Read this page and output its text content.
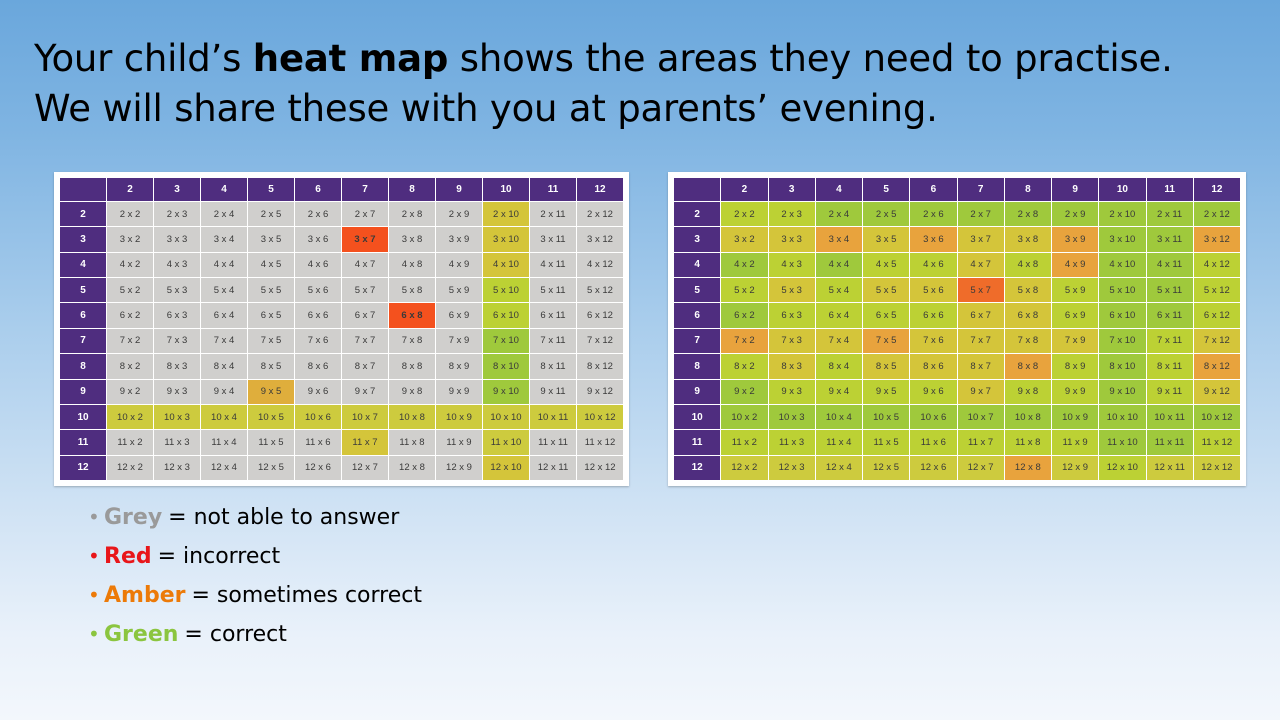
Your child’s heat map shows the areas they need to practise.
We will share these with you at parents’ evening.
	2	3	4	5	6	7	8	9	10	11	12
2	2 x 2	2 x 3	2 x 4	2 x 5	2 x 6	2 x 7	2 x 8	2 x 9	2 x 10	2 x 11	2 x 12
3	3 x 2	3 x 3	3 x 4	3 x 5	3 x 6	3 x 7	3 x 8	3 x 9	3 x 10	3 x 11	3 x 12
4	4 x 2	4 x 3	4 x 4	4 x 5	4 x 6	4 x 7	4 x 8	4 x 9	4 x 10	4 x 11	4 x 12
5	5 x 2	5 x 3	5 x 4	5 x 5	5 x 6	5 x 7	5 x 8	5 x 9	5 x 10	5 x 11	5 x 12
6	6 x 2	6 x 3	6 x 4	6 x 5	6 x 6	6 x 7	6 x 8	6 x 9	6 x 10	6 x 11	6 x 12
7	7 x 2	7 x 3	7 x 4	7 x 5	7 x 6	7 x 7	7 x 8	7 x 9	7 x 10	7 x 11	7 x 12
8	8 x 2	8 x 3	8 x 4	8 x 5	8 x 6	8 x 7	8 x 8	8 x 9	8 x 10	8 x 11	8 x 12
9	9 x 2	9 x 3	9 x 4	9 x 5	9 x 6	9 x 7	9 x 8	9 x 9	9 x 10	9 x 11	9 x 12
10	10 x 2	10 x 3	10 x 4	10 x 5	10 x 6	10 x 7	10 x 8	10 x 9	10 x 10	10 x 11	10 x 12
11	11 x 2	11 x 3	11 x 4	11 x 5	11 x 6	11 x 7	11 x 8	11 x 9	11 x 10	11 x 11	11 x 12
12	12 x 2	12 x 3	12 x 4	12 x 5	12 x 6	12 x 7	12 x 8	12 x 9	12 x 10	12 x 11	12 x 12
	2	3	4	5	6	7	8	9	10	11	12
2	2 x 2	2 x 3	2 x 4	2 x 5	2 x 6	2 x 7	2 x 8	2 x 9	2 x 10	2 x 11	2 x 12
3	3 x 2	3 x 3	3 x 4	3 x 5	3 x 6	3 x 7	3 x 8	3 x 9	3 x 10	3 x 11	3 x 12
4	4 x 2	4 x 3	4 x 4	4 x 5	4 x 6	4 x 7	4 x 8	4 x 9	4 x 10	4 x 11	4 x 12
5	5 x 2	5 x 3	5 x 4	5 x 5	5 x 6	5 x 7	5 x 8	5 x 9	5 x 10	5 x 11	5 x 12
6	6 x 2	6 x 3	6 x 4	6 x 5	6 x 6	6 x 7	6 x 8	6 x 9	6 x 10	6 x 11	6 x 12
7	7 x 2	7 x 3	7 x 4	7 x 5	7 x 6	7 x 7	7 x 8	7 x 9	7 x 10	7 x 11	7 x 12
8	8 x 2	8 x 3	8 x 4	8 x 5	8 x 6	8 x 7	8 x 8	8 x 9	8 x 10	8 x 11	8 x 12
9	9 x 2	9 x 3	9 x 4	9 x 5	9 x 6	9 x 7	9 x 8	9 x 9	9 x 10	9 x 11	9 x 12
10	10 x 2	10 x 3	10 x 4	10 x 5	10 x 6	10 x 7	10 x 8	10 x 9	10 x 10	10 x 11	10 x 12
11	11 x 2	11 x 3	11 x 4	11 x 5	11 x 6	11 x 7	11 x 8	11 x 9	11 x 10	11 x 11	11 x 12
12	12 x 2	12 x 3	12 x 4	12 x 5	12 x 6	12 x 7	12 x 8	12 x 9	12 x 10	12 x 11	12 x 12
• Grey = not able to answer
• Red = incorrect
• Amber = sometimes correct
• Green = correct
